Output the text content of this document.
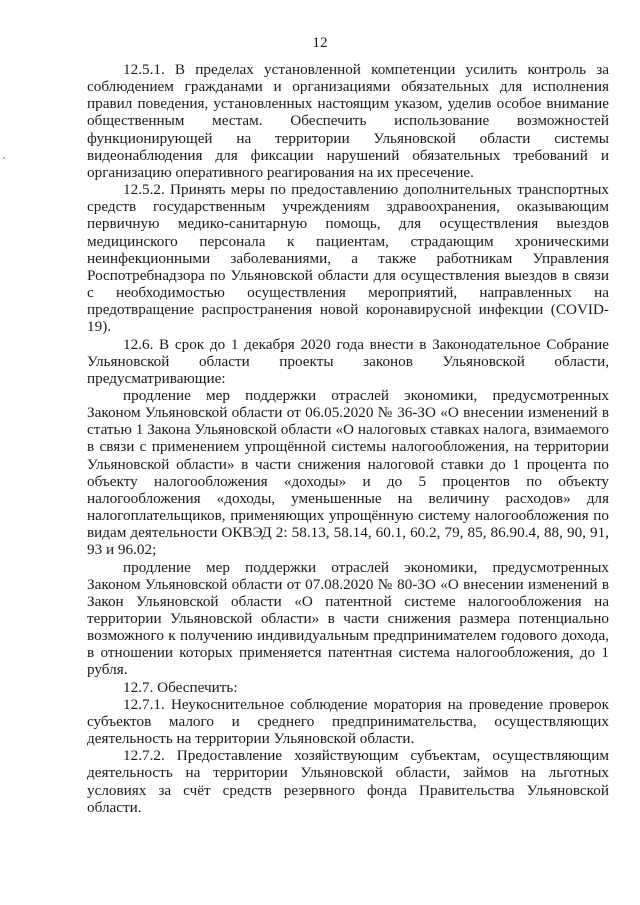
12

12.5.1. В пределах установленной компетенции усилить контроль за соблюдением гражданами и организациями обязательных для исполнения правил поведения, установленных настоящим указом, уделив особое внимание общественным местам. Обеспечить использование возможностей функционирующей на территории Ульяновской области системы видеонаблюдения для фиксации нарушений обязательных требований и организацию оперативного реагирования на их пресечение.

12.5.2. Принять меры по предоставлению дополнительных транспортных средств государственным учреждениям здравоохранения, оказывающим первичную медико-санитарную помощь, для осуществления выездов медицинского персонала к пациентам, страдающим хроническими неинфекционными заболеваниями, а также работникам Управления Роспотребнадзора по Ульяновской области для осуществления выездов в связи с необходимостью осуществления мероприятий, направленных на предотвращение распространения новой коронавирусной инфекции (COVID-19).

12.6. В срок до 1 декабря 2020 года внести в Законодательное Собрание Ульяновской области проекты законов Ульяновской области, предусматривающие:

продление мер поддержки отраслей экономики, предусмотренных Законом Ульяновской области от 06.05.2020 № 36-ЗО «О внесении изменений в статью 1 Закона Ульяновской области «О налоговых ставках налога, взимаемого в связи с применением упрощённой системы налогообложения, на территории Ульяновской области» в части снижения налоговой ставки до 1 процента по объекту налогообложения «доходы» и до 5 процентов по объекту налогообложения «доходы, уменьшенные на величину расходов» для налогоплательщиков, применяющих упрощённую систему налогообложения по видам деятельности ОКВЭД 2: 58.13, 58.14, 60.1, 60.2, 79, 85, 86.90.4, 88, 90, 91, 93 и 96.02;

продление мер поддержки отраслей экономики, предусмотренных Законом Ульяновской области от 07.08.2020 № 80-ЗО «О внесении изменений в Закон Ульяновской области «О патентной системе налогообложения на территории Ульяновской области» в части снижения размера потенциально возможного к получению индивидуальным предпринимателем годового дохода, в отношении которых применяется патентная система налогообложения, до 1 рубля.

12.7. Обеспечить:

12.7.1. Неукоснительное соблюдение моратория на проведение проверок субъектов малого и среднего предпринимательства, осуществляющих деятельность на территории Ульяновской области.

12.7.2. Предоставление хозяйствующим субъектам, осуществляющим деятельность на территории Ульяновской области, займов на льготных условиях за счёт средств резервного фонда Правительства Ульяновской области.
